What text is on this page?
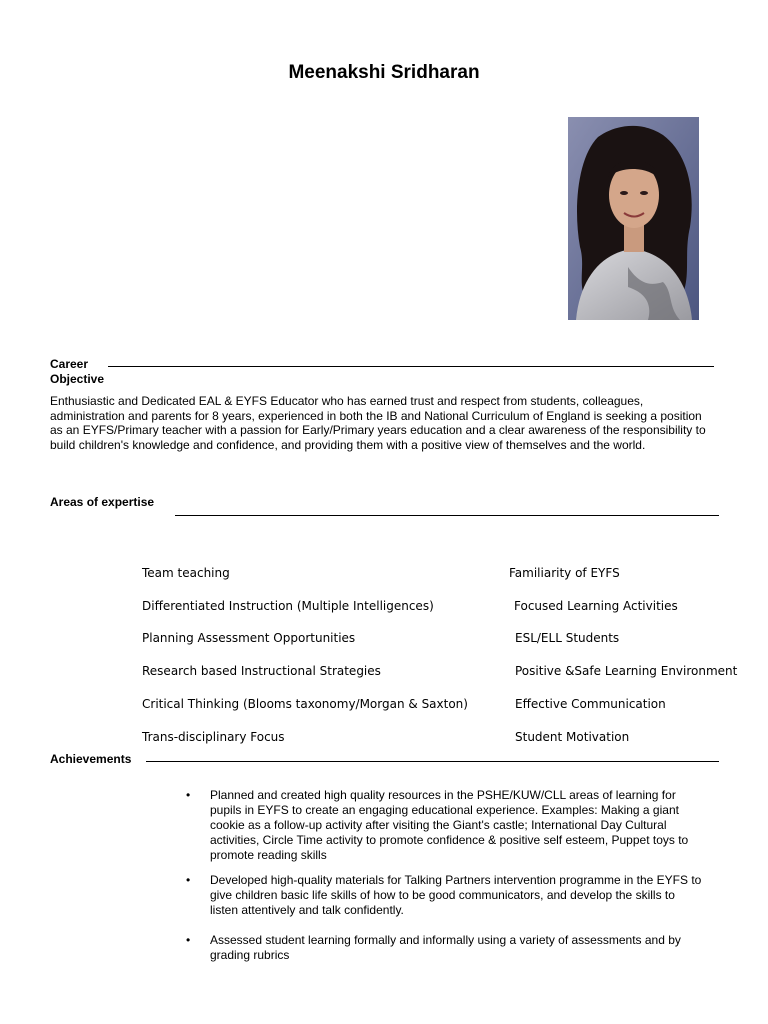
Meenakshi Sridharan
Career
Objective
Enthusiastic and Dedicated EAL & EYFS Educator who has earned trust and respect from students, colleagues, administration and parents for 8 years, experienced in both the IB and National Curriculum of England is seeking a position as an EYFS/Primary teacher with a passion for Early/Primary years education and a clear awareness of the responsibility to build children's knowledge and confidence, and providing them with a positive view of themselves and the world.
Areas of expertise
Team teaching
Differentiated Instruction (Multiple Intelligences)
Planning Assessment Opportunities
Research based Instructional Strategies
Critical Thinking (Blooms taxonomy/Morgan & Saxton)
Trans-disciplinary Focus
Familiarity of EYFS
Focused Learning Activities
ESL/ELL Students
Positive &Safe Learning Environment
Effective Communication
Student Motivation
Achievements
• Planned and created high quality resources in the PSHE/KUW/CLL areas of learning for pupils in EYFS to create an engaging educational experience. Examples: Making a giant cookie as a follow-up activity after visiting the Giant's castle; International Day Cultural activities, Circle Time activity to promote confidence & positive self esteem, Puppet toys to promote reading skills
• Developed high-quality materials for Talking Partners intervention programme in the EYFS to give children basic life skills of how to be good communicators, and develop the skills to listen attentively and talk confidently.
• Assessed student learning formally and informally using a variety of assessments and by grading rubrics
